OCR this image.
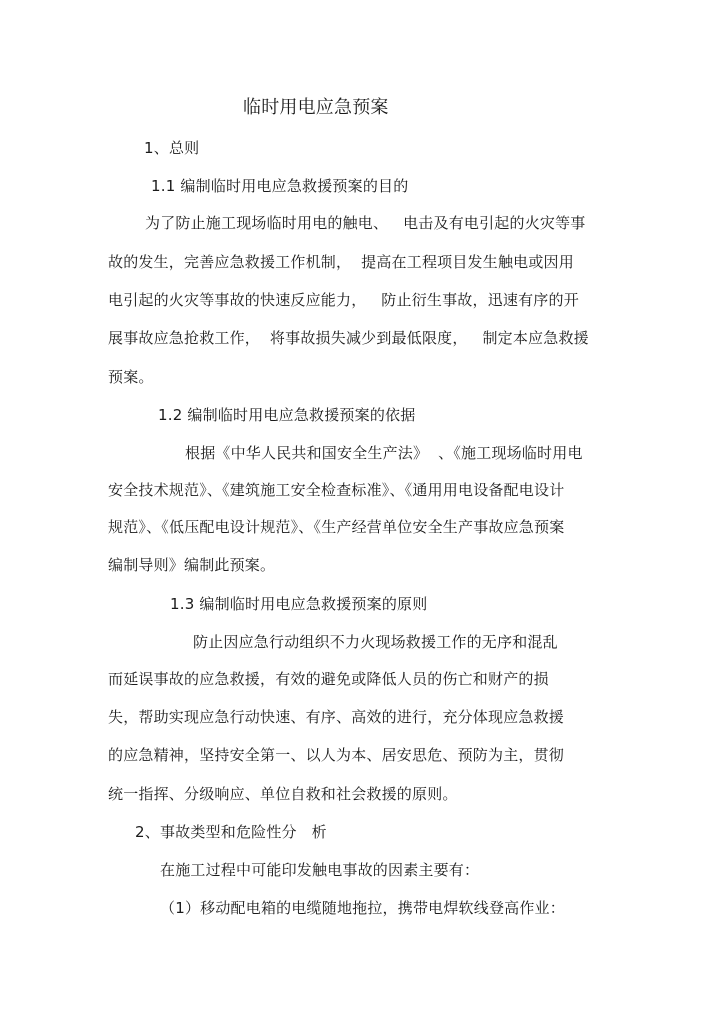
临时用电应急预案
1、总则
1.1 编制临时用电应急救援预案的目的
为了防止施工现场临时用电的触电、   电击及有电引起的火灾等事
故的发生，完善应急救援工作机制，  提高在工程项目发生触电或因用
电引起的火灾等事故的快速反应能力，   防止衍生事故，迅速有序的开
展事故应急抢救工作，  将事故损失减少到最低限度，   制定本应急救援
预案。
1.2 编制临时用电应急救援预案的依据
根据《中华人民共和国安全生产法》  、《施工现场临时用电
安全技术规范》、《建筑施工安全检查标准》、《通用用电设备配电设计
规范》、《低压配电设计规范》、《生产经营单位安全生产事故应急预案
编制导则》编制此预案。
1.3 编制临时用电应急救援预案的原则
防止因应急行动组织不力火现场救援工作的无序和混乱
而延误事故的应急救援，有效的避免或降低人员的伤亡和财产的损
失，帮助实现应急行动快速、有序、高效的进行，充分体现应急救援
的应急精神，坚持安全第一、以人为本、居安思危、预防为主，贯彻
统一指挥、分级响应、单位自救和社会救援的原则。
2、事故类型和危险性分   析
在施工过程中可能印发触电事故的因素主要有：
（1）移动配电箱的电缆随地拖拉，携带电焊软线登高作业：
